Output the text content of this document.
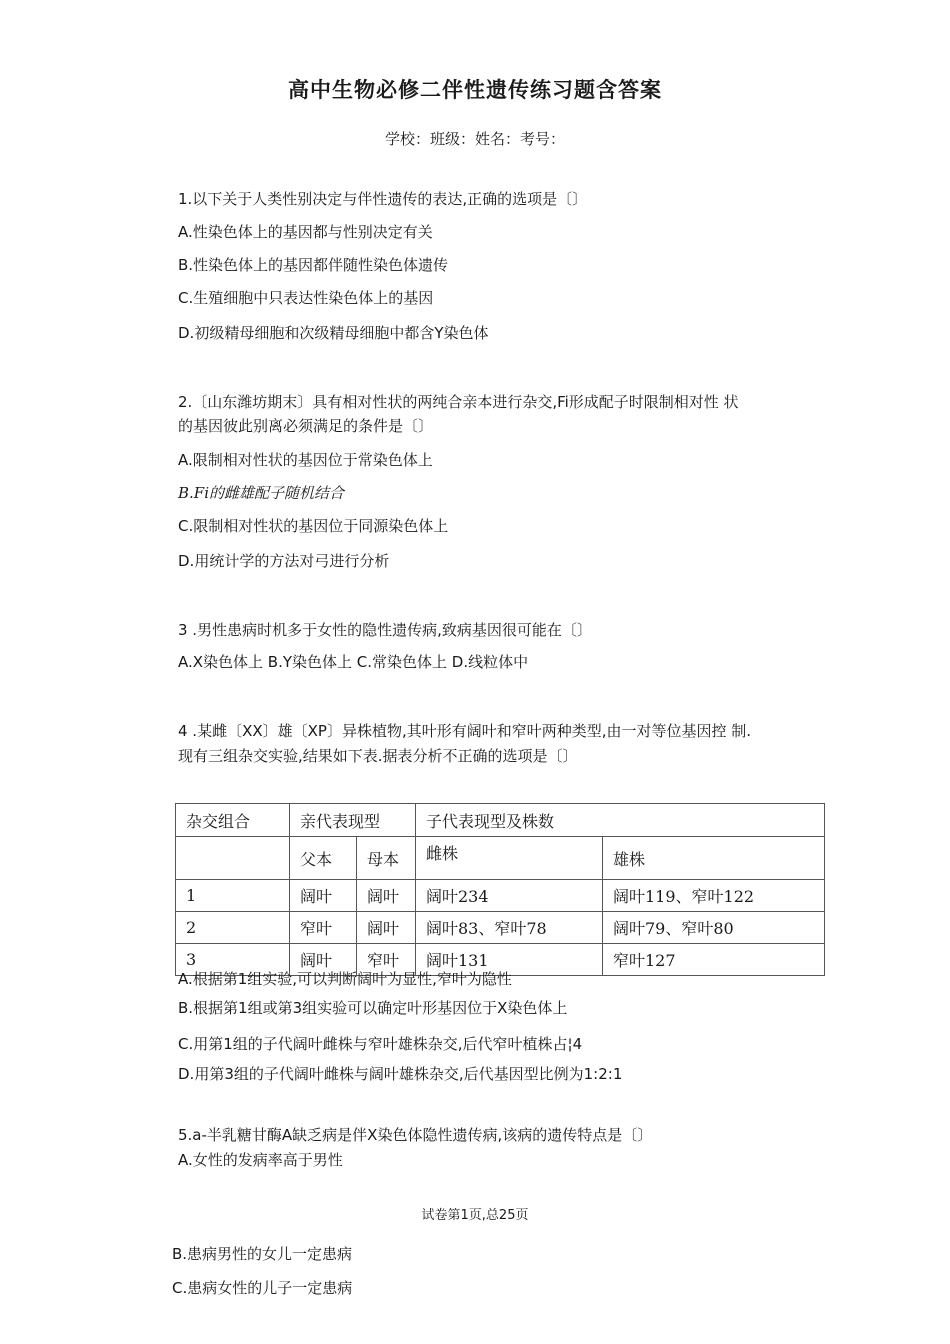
高中生物必修二伴性遗传练习题含答案
学校：班级：姓名：考号：
1.以下关于人类性别决定与伴性遗传的表达,正确的选项是〔〕
A.性染色体上的基因都与性别决定有关
B.性染色体上的基因都伴随性染色体遗传
C.生殖细胞中只表达性染色体上的基因
D.初级精母细胞和次级精母细胞中都含Y染色体
2.〔山东潍坊期末〕具有相对性状的两纯合亲本进行杂交,Fi形成配子时限制相对性 状
的基因彼此别离必须满足的条件是〔〕
A.限制相对性状的基因位于常染色体上
B.Fi的雌雄配子随机结合
C.限制相对性状的基因位于同源染色体上
D.用统计学的方法对弓进行分析
3 .男性患病时机多于女性的隐性遗传病,致病基因很可能在〔〕
A.X染色体上 B.Y染色体上 C.常染色体上 D.线粒体中
4 .某雌〔XX〕雄〔XP〕异株植物,其叶形有阔叶和窄叶两种类型,由一对等位基因控 制.
现有三组杂交实验,结果如下表.据表分析不正确的选项是〔〕
杂交组合	亲代表现型		子代表现型及株数	
	父本	母本	雌株	雄株
1	阔叶	阔叶	阔叶234	阔叶119、窄叶122
2	窄叶	阔叶	阔叶83、窄叶78	阔叶79、窄叶80
3	阔叶	窄叶	阔叶131	窄叶127
A.根据第1组实验,可以判断阔叶为显性,窄叶为隐性
B.根据第1组或第3组实验可以确定叶形基因位于X染色体上
C.用第1组的子代阔叶雌株与窄叶雄株杂交,后代窄叶植株占¦4
D.用第3组的子代阔叶雌株与阔叶雄株杂交,后代基因型比例为1:2:1
5.a-半乳糖甘酶A缺乏病是伴X染色体隐性遗传病,该病的遗传特点是〔〕
A.女性的发病率高于男性
试卷第1页,总25页
B.患病男性的女儿一定患病
C.患病女性的儿子一定患病
